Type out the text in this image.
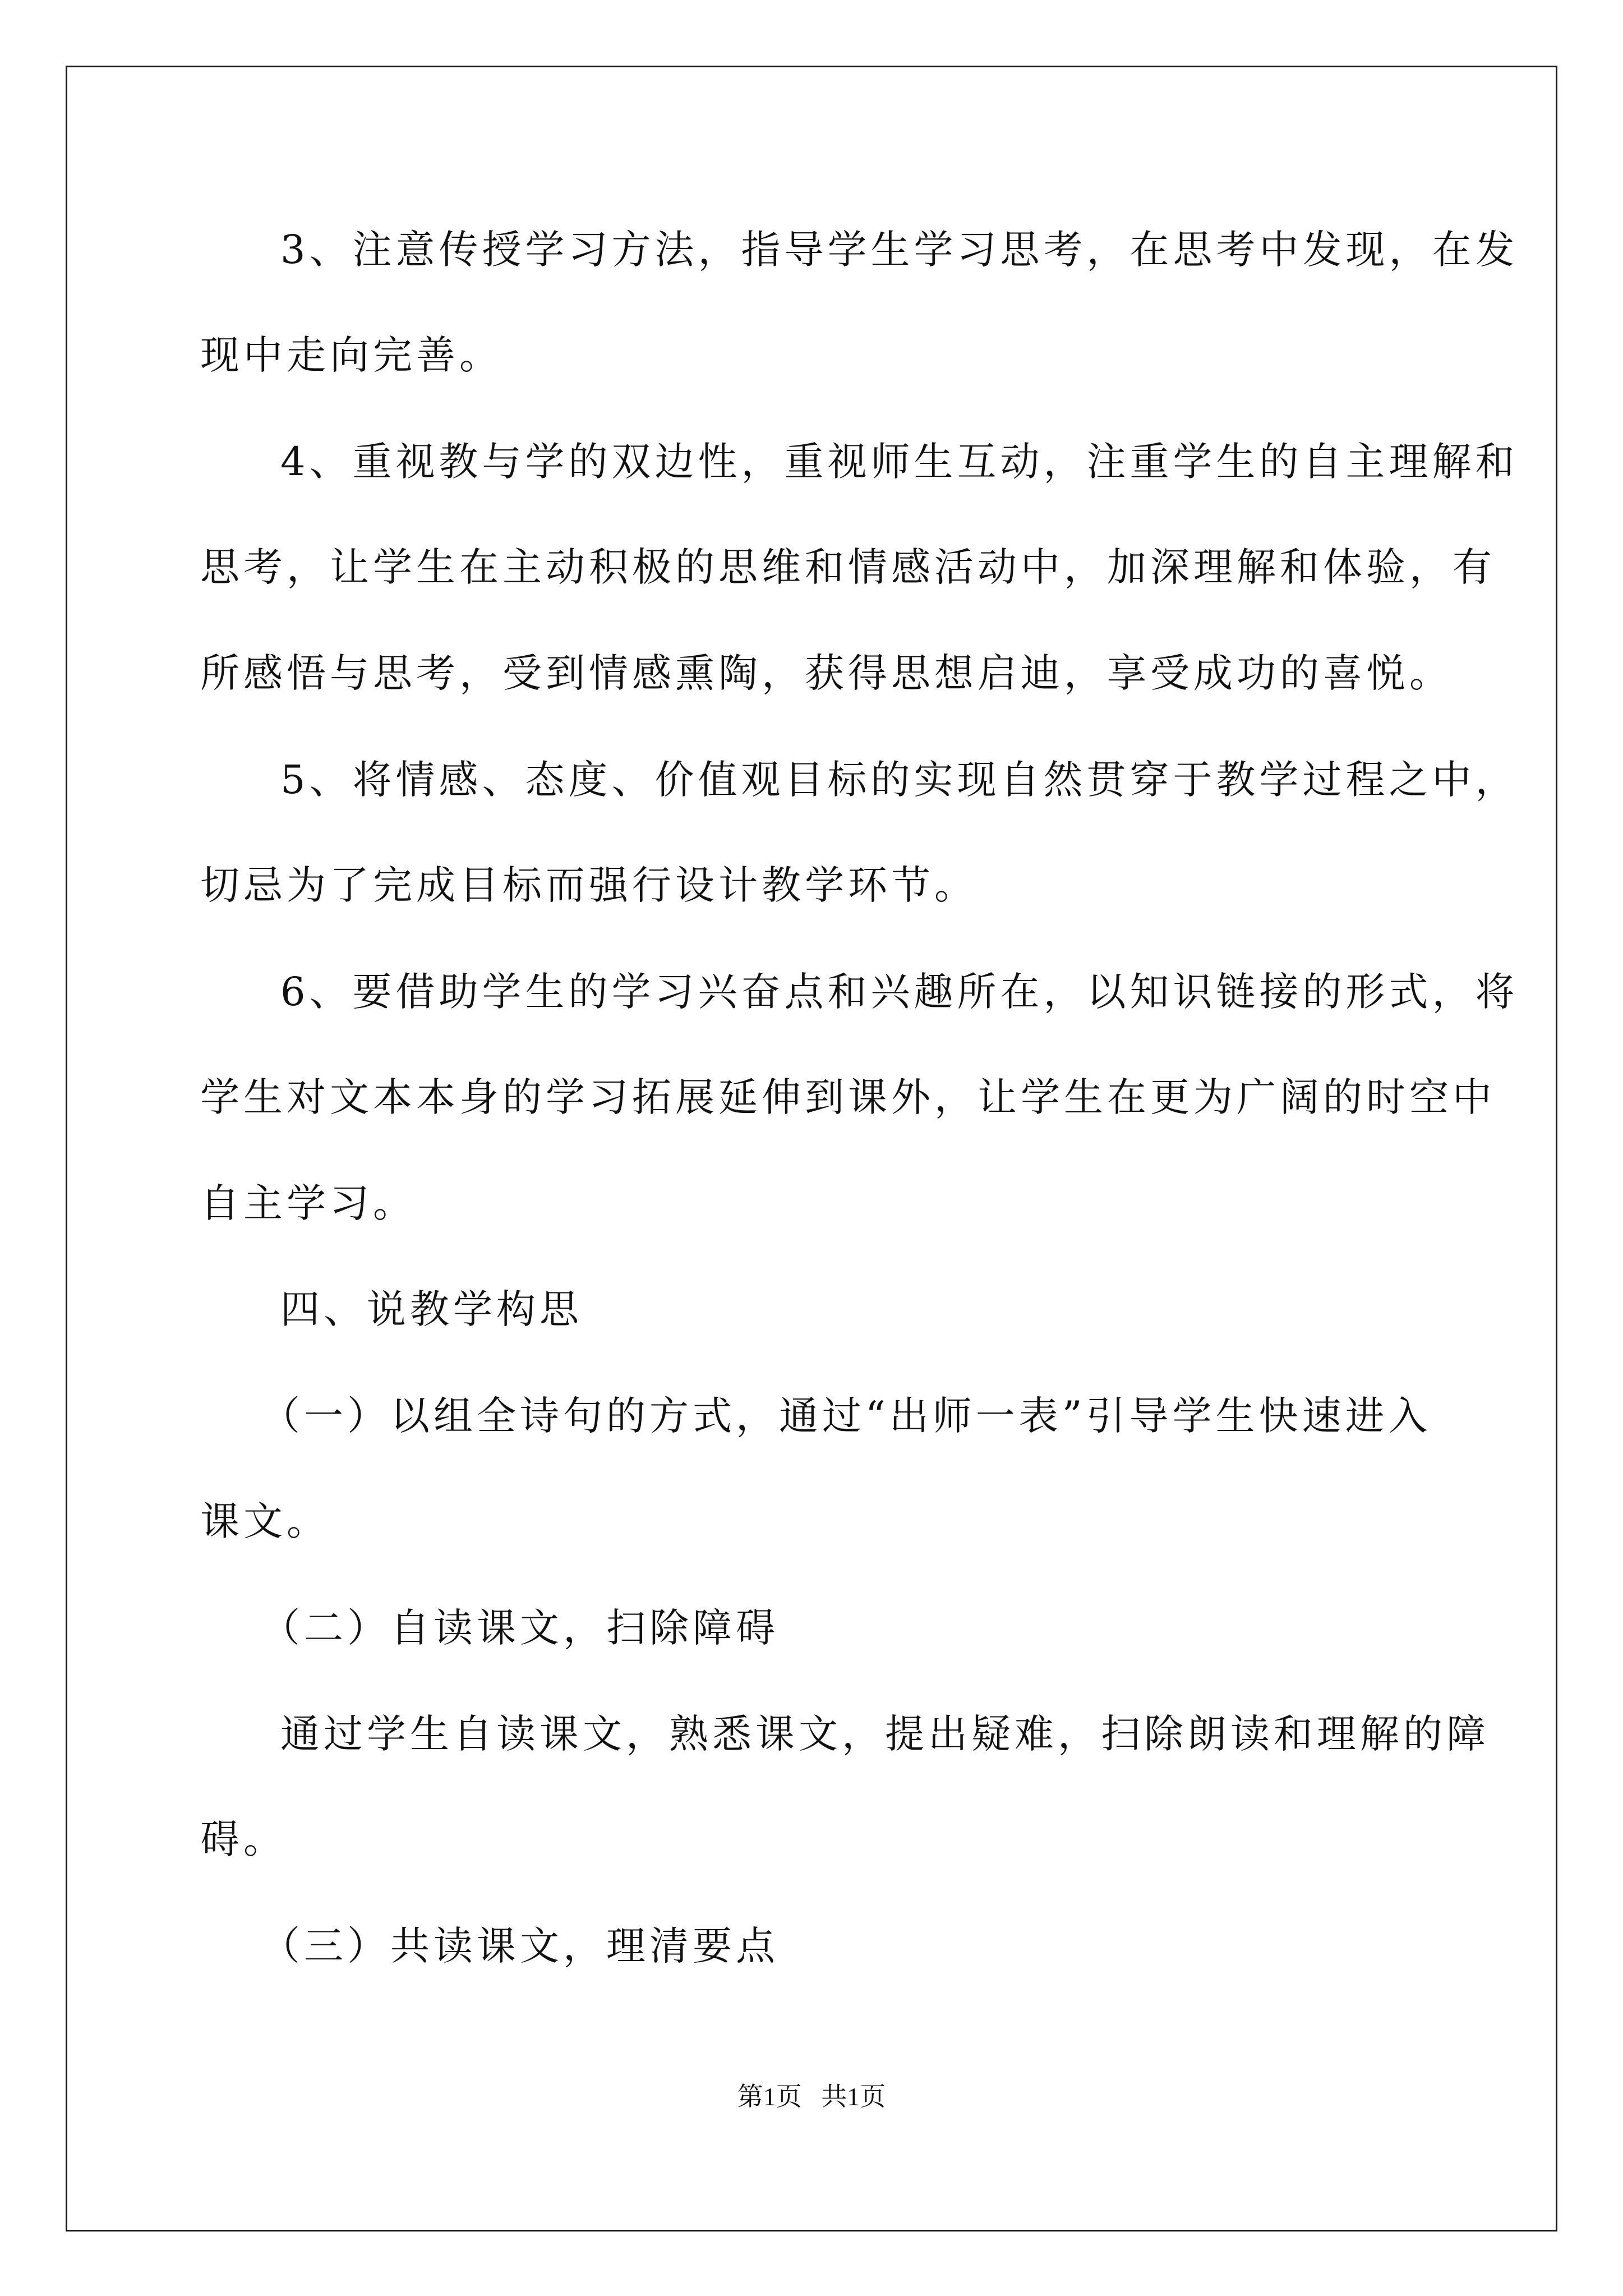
3、注意传授学习方法，指导学生学习思考，在思考中发现，在发
现中走向完善。
4、重视教与学的双边性，重视师生互动，注重学生的自主理解和
思考，让学生在主动积极的思维和情感活动中，加深理解和体验，有
所感悟与思考，受到情感熏陶，获得思想启迪，享受成功的喜悦。
5、将情感、态度、价值观目标的实现自然贯穿于教学过程之中，
切忌为了完成目标而强行设计教学环节。
6、要借助学生的学习兴奋点和兴趣所在，以知识链接的形式，将
学生对文本本身的学习拓展延伸到课外，让学生在更为广阔的时空中
自主学习。
四、说教学构思
（一）以组全诗句的方式，通过“出师一表”引导学生快速进入
课文。
（二）自读课文，扫除障碍
通过学生自读课文，熟悉课文，提出疑难，扫除朗读和理解的障
碍。
（三）共读课文，理清要点
第1页   共1页
